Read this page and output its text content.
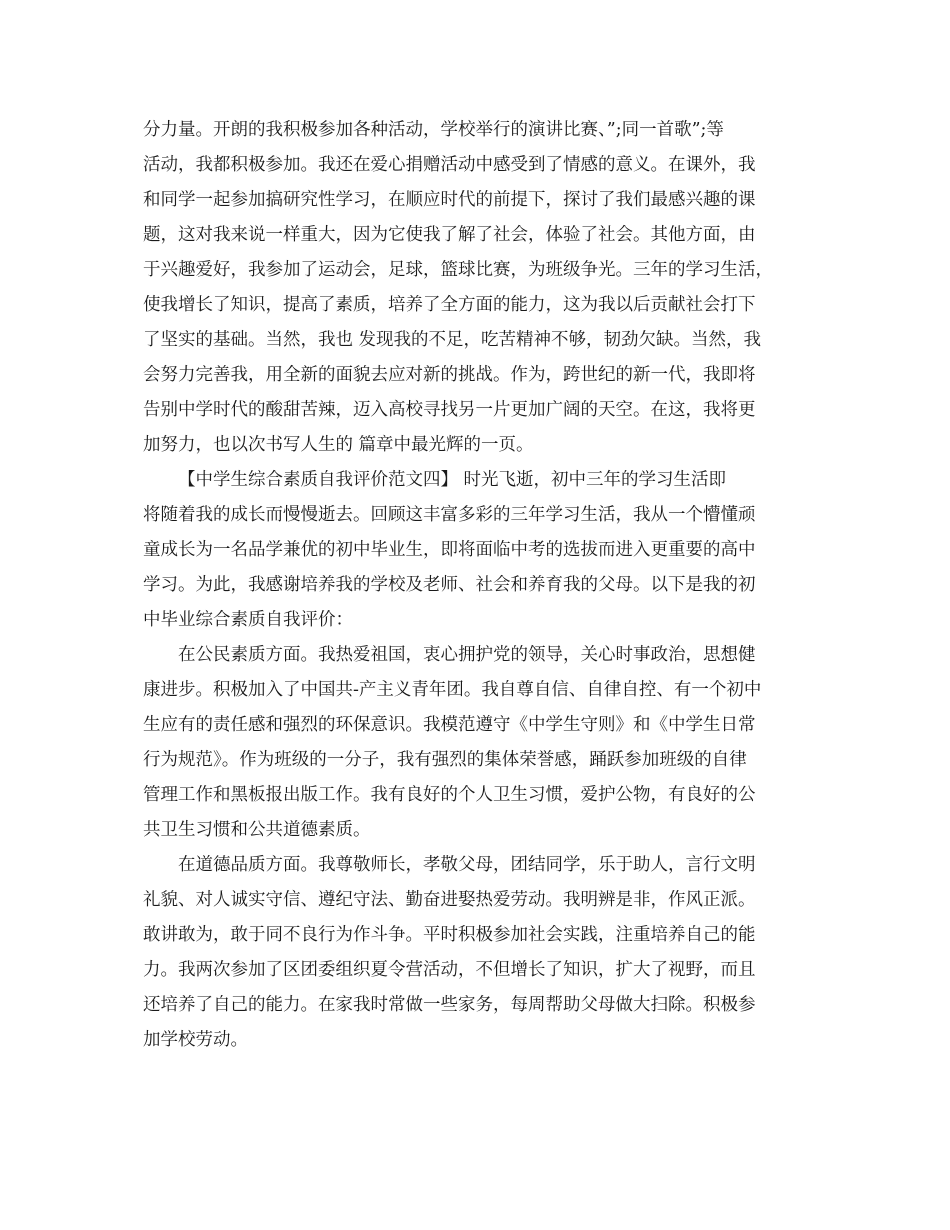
分力量。开朗的我积极参加各种活动，学校举行的演讲比赛、”;同一首歌”;等
活动，我都积极参加。我还在爱心捐赠活动中感受到了情感的意义。在课外，我
和同学一起参加搞研究性学习，在顺应时代的前提下，探讨了我们最感兴趣的课
题，这对我来说一样重大，因为它使我了解了社会，体验了社会。其他方面，由
于兴趣爱好，我参加了运动会，足球，篮球比赛，为班级争光。三年的学习生活，
使我增长了知识，提高了素质，培养了全方面的能力，这为我以后贡献社会打下
了坚实的基础。当然，我也 发现我的不足，吃苦精神不够，韧劲欠缺。当然，我
会努力完善我，用全新的面貌去应对新的挑战。作为，跨世纪的新一代，我即将
告别中学时代的酸甜苦辣，迈入高校寻找另一片更加广阔的天空。在这，我将更
加努力，也以次书写人生的 篇章中最光辉的一页。
【中学生综合素质自我评价范文四】 时光飞逝，初中三年的学习生活即
将随着我的成长而慢慢逝去。回顾这丰富多彩的三年学习生活，我从一个懵懂顽
童成长为一名品学兼优的初中毕业生，即将面临中考的选拔而进入更重要的高中
学习。为此，我感谢培养我的学校及老师、社会和养育我的父母。以下是我的初
中毕业综合素质自我评价：
在公民素质方面。我热爱祖国，衷心拥护党的领导，关心时事政治，思想健
康进步。积极加入了中国共-产主义青年团。我自尊自信、自律自控、有一个初中
生应有的责任感和强烈的环保意识。我模范遵守《中学生守则》和《中学生日常
行为规范》。作为班级的一分子，我有强烈的集体荣誉感，踊跃参加班级的自律
管理工作和黑板报出版工作。我有良好的个人卫生习惯，爱护公物，有良好的公
共卫生习惯和公共道德素质。
在道德品质方面。我尊敬师长，孝敬父母，团结同学，乐于助人，言行文明
礼貌、对人诚实守信、遵纪守法、勤奋进娶热爱劳动。我明辨是非，作风正派。
敢讲敢为，敢于同不良行为作斗争。平时积极参加社会实践，注重培养自己的能
力。我两次参加了区团委组织夏令营活动，不但增长了知识，扩大了视野，而且
还培养了自己的能力。在家我时常做一些家务，每周帮助父母做大扫除。积极参
加学校劳动。
